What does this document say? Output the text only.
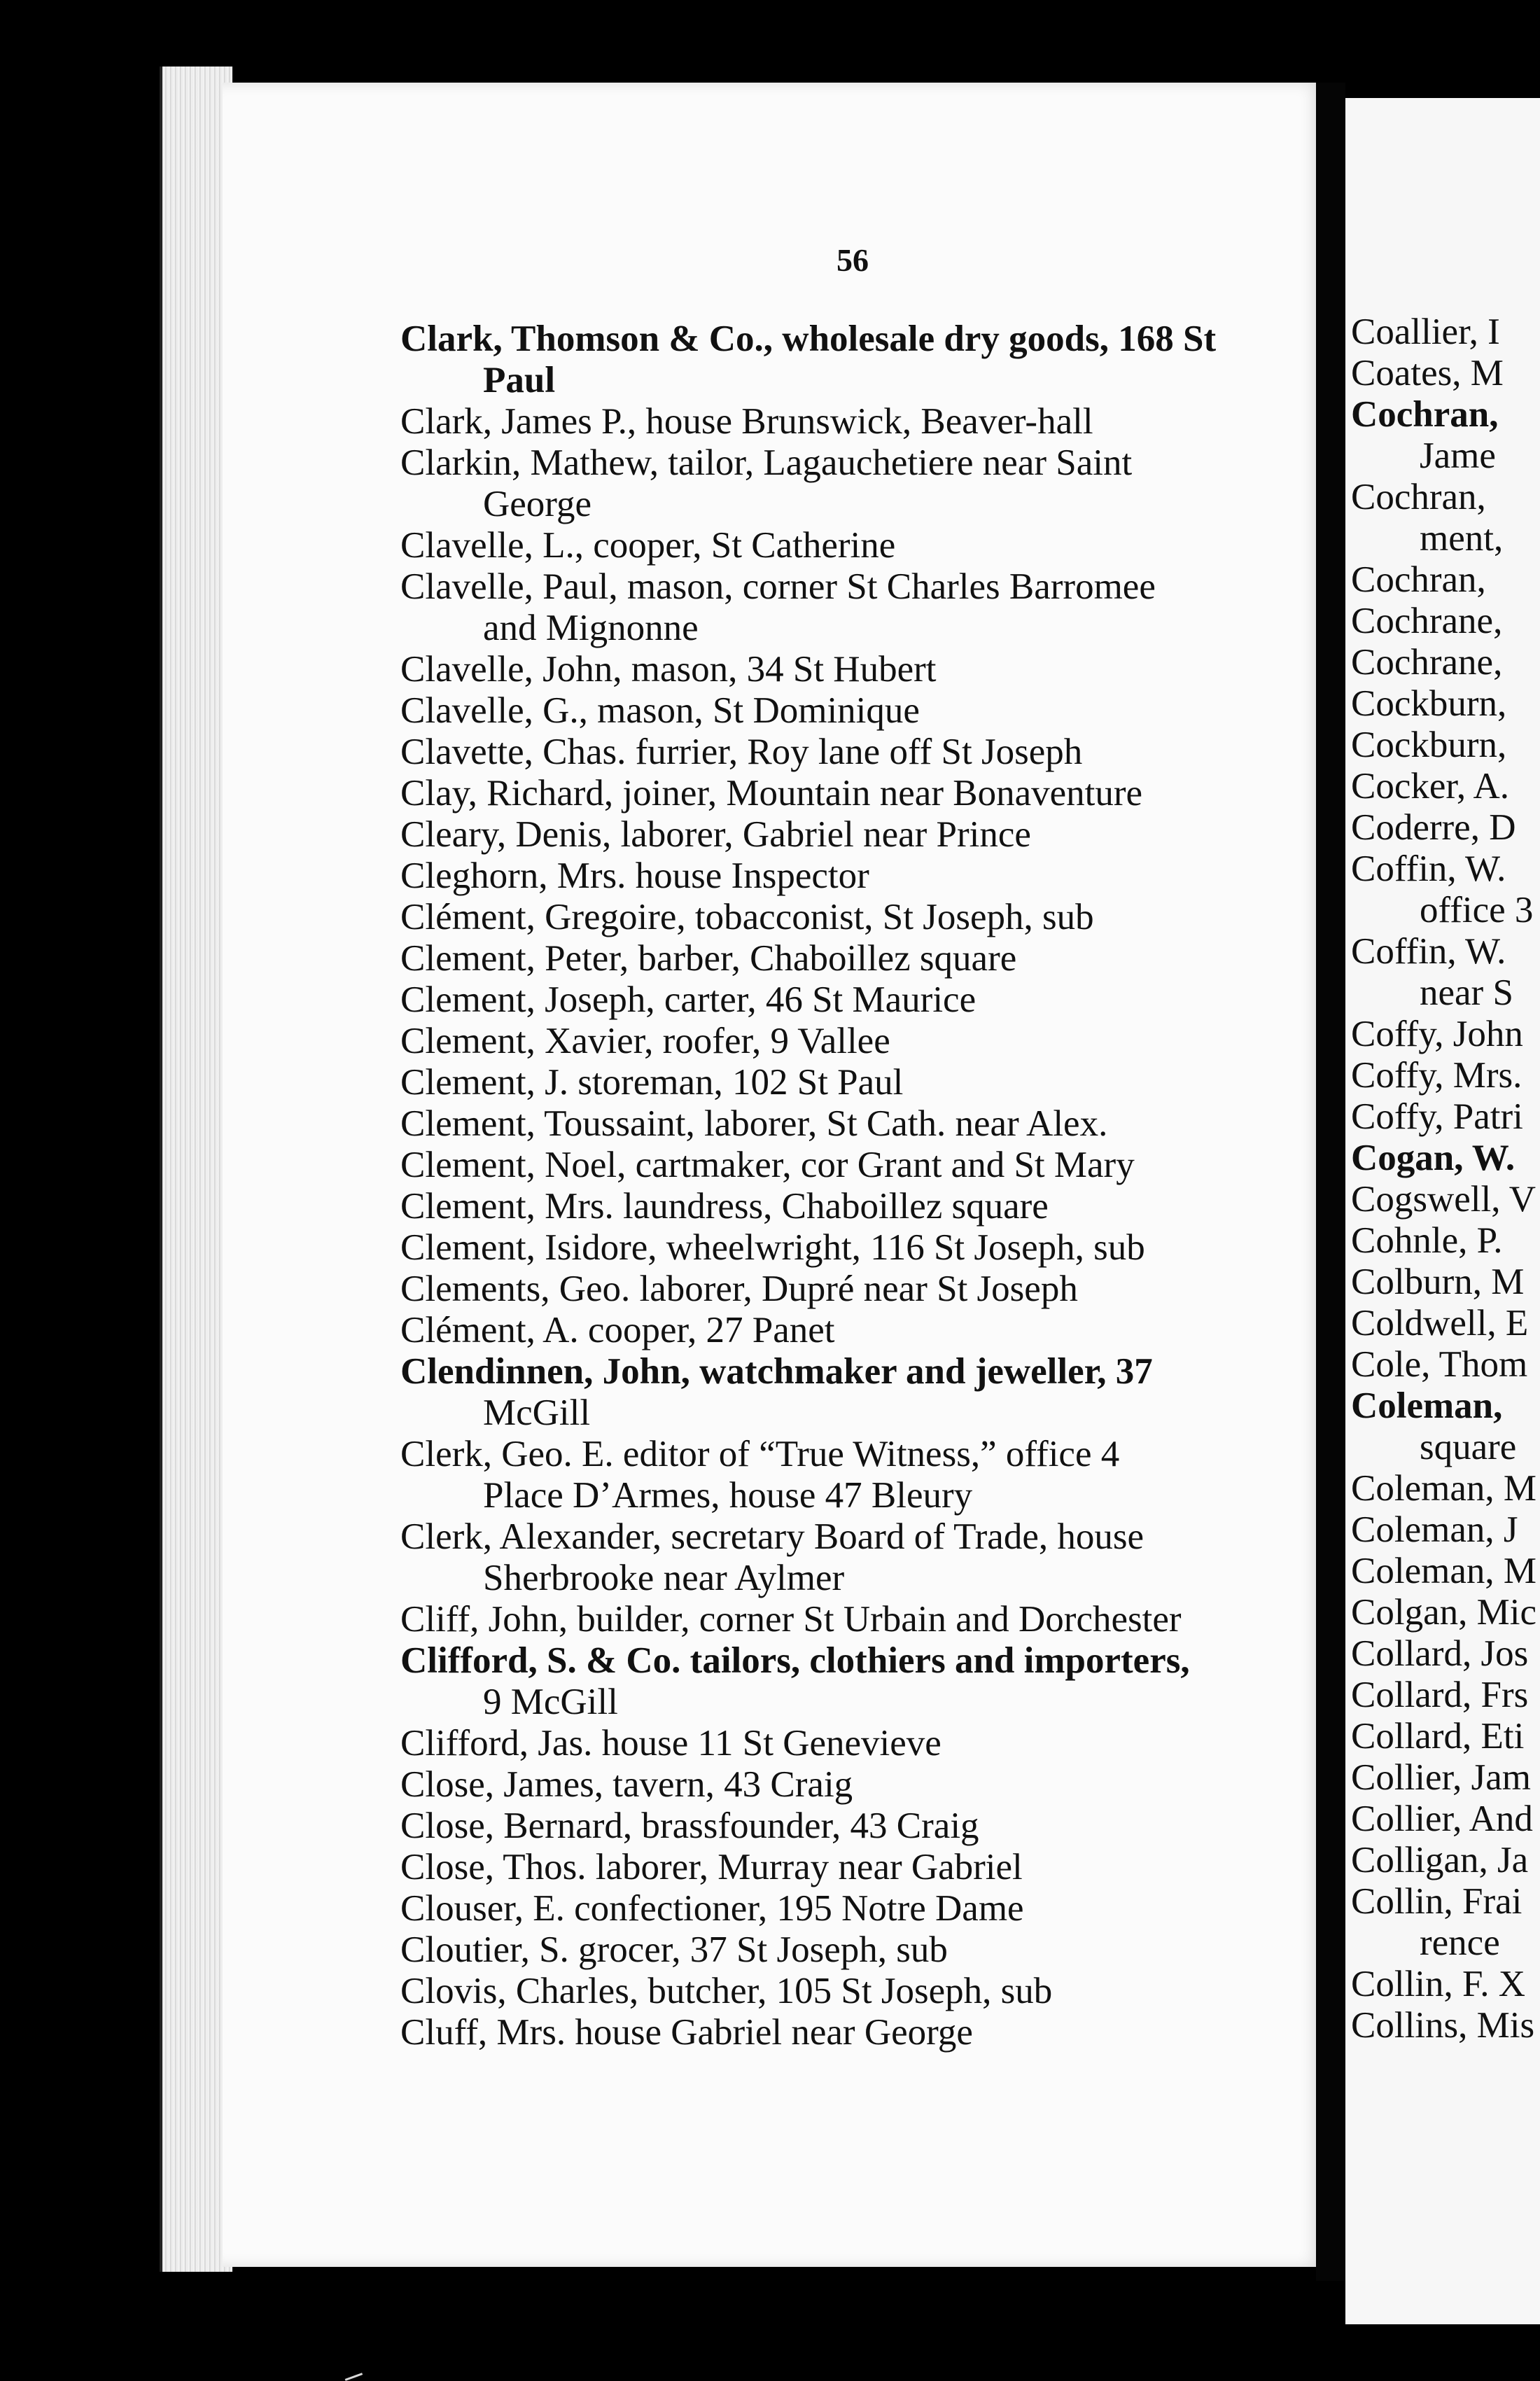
56
Clark, Thomson & Co., wholesale dry goods, 168 St
Paul
Clark, James P., house Brunswick, Beaver-hall
Clarkin, Mathew, tailor, Lagauchetiere near Saint
George
Clavelle, L., cooper, St Catherine
Clavelle, Paul, mason, corner St Charles Barromee
and Mignonne
Clavelle, John, mason, 34 St Hubert
Clavelle, G., mason, St Dominique
Clavette, Chas. furrier, Roy lane off St Joseph
Clay, Richard, joiner, Mountain near Bonaventure
Cleary, Denis, laborer, Gabriel near Prince
Cleghorn, Mrs. house Inspector
Clément, Gregoire, tobacconist, St Joseph, sub
Clement, Peter, barber, Chaboillez square
Clement, Joseph, carter, 46 St Maurice
Clement, Xavier, roofer, 9 Vallee
Clement, J. storeman, 102 St Paul
Clement, Toussaint, laborer, St Cath. near Alex.
Clement, Noel, cartmaker, cor Grant and St Mary
Clement, Mrs. laundress, Chaboillez square
Clement, Isidore, wheelwright, 116 St Joseph, sub
Clements, Geo. laborer, Dupré near St Joseph
Clément, A. cooper, 27 Panet
Clendinnen, John, watchmaker and jeweller, 37
McGill
Clerk, Geo. E. editor of “True Witness,” office 4
Place D’Armes, house 47 Bleury
Clerk, Alexander, secretary Board of Trade, house
Sherbrooke near Aylmer
Cliff, John, builder, corner St Urbain and Dorchester
Clifford, S. & Co. tailors, clothiers and importers,
9 McGill
Clifford, Jas. house 11 St Genevieve
Close, James, tavern, 43 Craig
Close, Bernard, brassfounder, 43 Craig
Close, Thos. laborer, Murray near Gabriel
Clouser, E. confectioner, 195 Notre Dame
Cloutier, S. grocer, 37 St Joseph, sub
Clovis, Charles, butcher, 105 St Joseph, sub
Cluff, Mrs. house Gabriel near George
Coallier, I
Coates, M
Cochran,
Jame
Cochran,
ment,
Cochran,
Cochrane,
Cochrane,
Cockburn,
Cockburn,
Cocker, A.
Coderre, D
Coffin, W.
office 3
Coffin, W.
near S
Coffy, John
Coffy, Mrs.
Coffy, Patri
Cogan, W.
Cogswell, V
Cohnle, P.
Colburn, M
Coldwell, E
Cole, Thom
Coleman,
square
Coleman, M
Coleman, J
Coleman, M
Colgan, Mic
Collard, Jos
Collard, Frs
Collard, Eti
Collier, Jam
Collier, And
Colligan, Ja
Collin, Frai
rence
Collin, F. X
Collins, Mis
